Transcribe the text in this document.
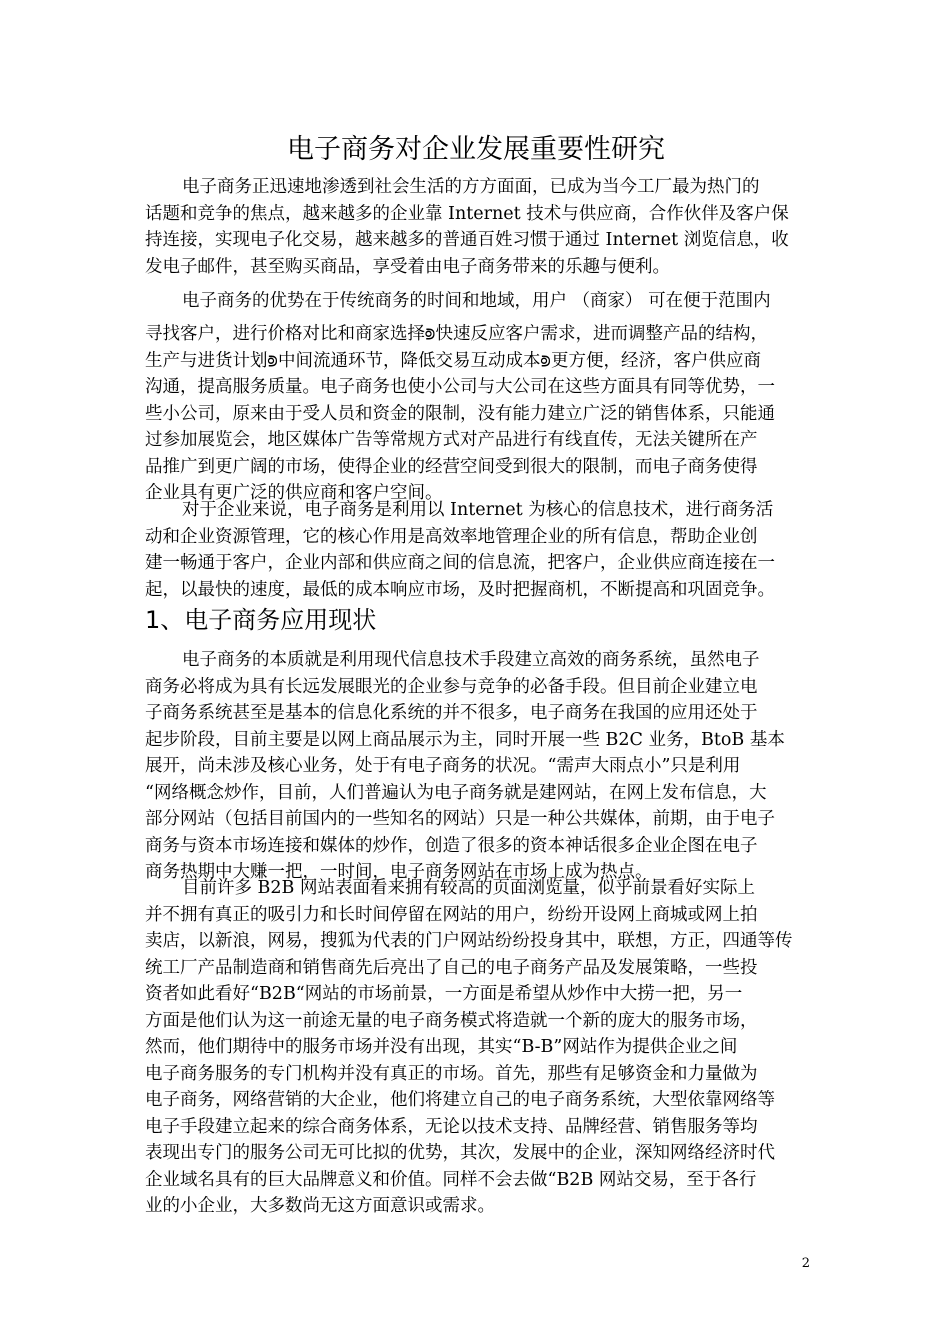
电子商务对企业发展重要性研究
电子商务正迅速地渗透到社会生活的方方面面，已成为当今工厂最为热门的
话题和竞争的焦点，越来越多的企业靠 Internet 技术与供应商，合作伙伴及客户保
持连接，实现电子化交易，越来越多的普通百姓习惯于通过 Internet 浏览信息，收
发电子邮件，甚至购买商品，享受着由电子商务带来的乐趣与便利。
电子商务的优势在于传统商务的时间和地域，用户 （商家） 可在便于范围内
寻找客户，进行价格对比和商家选择⟄快速反应客户需求，进而调整产品的结构，
生产与进货计划⟄中间流通环节，降低交易互动成本⟄更方便，经济，客户供应商
沟通，提高服务质量。电子商务也使小公司与大公司在这些方面具有同等优势，一
些小公司，原来由于受人员和资金的限制，没有能力建立广泛的销售体系，只能通
过参加展览会，地区媒体广告等常规方式对产品进行有线直传，无法关键所在产
品推广到更广阔的市场，使得企业的经营空间受到很大的限制，而电子商务使得
企业具有更广泛的供应商和客户空间。
对于企业来说，电子商务是利用以 Internet 为核心的信息技术，进行商务活
动和企业资源管理，它的核心作用是高效率地管理企业的所有信息，帮助企业创
建一畅通于客户，企业内部和供应商之间的信息流，把客户，企业供应商连接在一
起，以最快的速度，最低的成本响应市场，及时把握商机，不断提高和巩固竞争。
1、电子商务应用现状
电子商务的本质就是利用现代信息技术手段建立高效的商务系统，虽然电子
商务必将成为具有长远发展眼光的企业参与竞争的必备手段。但目前企业建立电
子商务系统甚至是基本的信息化系统的并不很多，电子商务在我国的应用还处于
起步阶段，目前主要是以网上商品展示为主，同时开展一些 B2C 业务，BtoB 基本
展开，尚未涉及核心业务，处于有电子商务的状况。“需声大雨点小”只是利用
“网络概念炒作，目前，人们普遍认为电子商务就是建网站，在网上发布信息，大
部分网站（包括目前国内的一些知名的网站）只是一种公共媒体，前期，由于电子
商务与资本市场连接和媒体的炒作，创造了很多的资本神话很多企业企图在电子
商务热期中大赚一把，一时间，电子商务网站在市场上成为热点。
目前许多 B2B 网站表面看来拥有较高的页面浏览量，似乎前景看好实际上
并不拥有真正的吸引力和长时间停留在网站的用户，纷纷开设网上商城或网上拍
卖店，以新浪，网易，搜狐为代表的门户网站纷纷投身其中，联想，方正，四通等传
统工厂产品制造商和销售商先后亮出了自己的电子商务产品及发展策略，一些投
资者如此看好“B2B“网站的市场前景，一方面是希望从炒作中大捞一把，另一
方面是他们认为这一前途无量的电子商务模式将造就一个新的庞大的服务市场，
然而，他们期待中的服务市场并没有出现，其实“B-B”网站作为提供企业之间
电子商务服务的专门机构并没有真正的市场。首先，那些有足够资金和力量做为
电子商务，网络营销的大企业，他们将建立自己的电子商务系统，大型依靠网络等
电子手段建立起来的综合商务体系，无论以技术支持、品牌经营、销售服务等均
表现出专门的服务公司无可比拟的优势，其次，发展中的企业，深知网络经济时代
企业域名具有的巨大品牌意义和价值。同样不会去做“B2B 网站交易，至于各行
业的小企业，大多数尚无这方面意识或需求。
2
